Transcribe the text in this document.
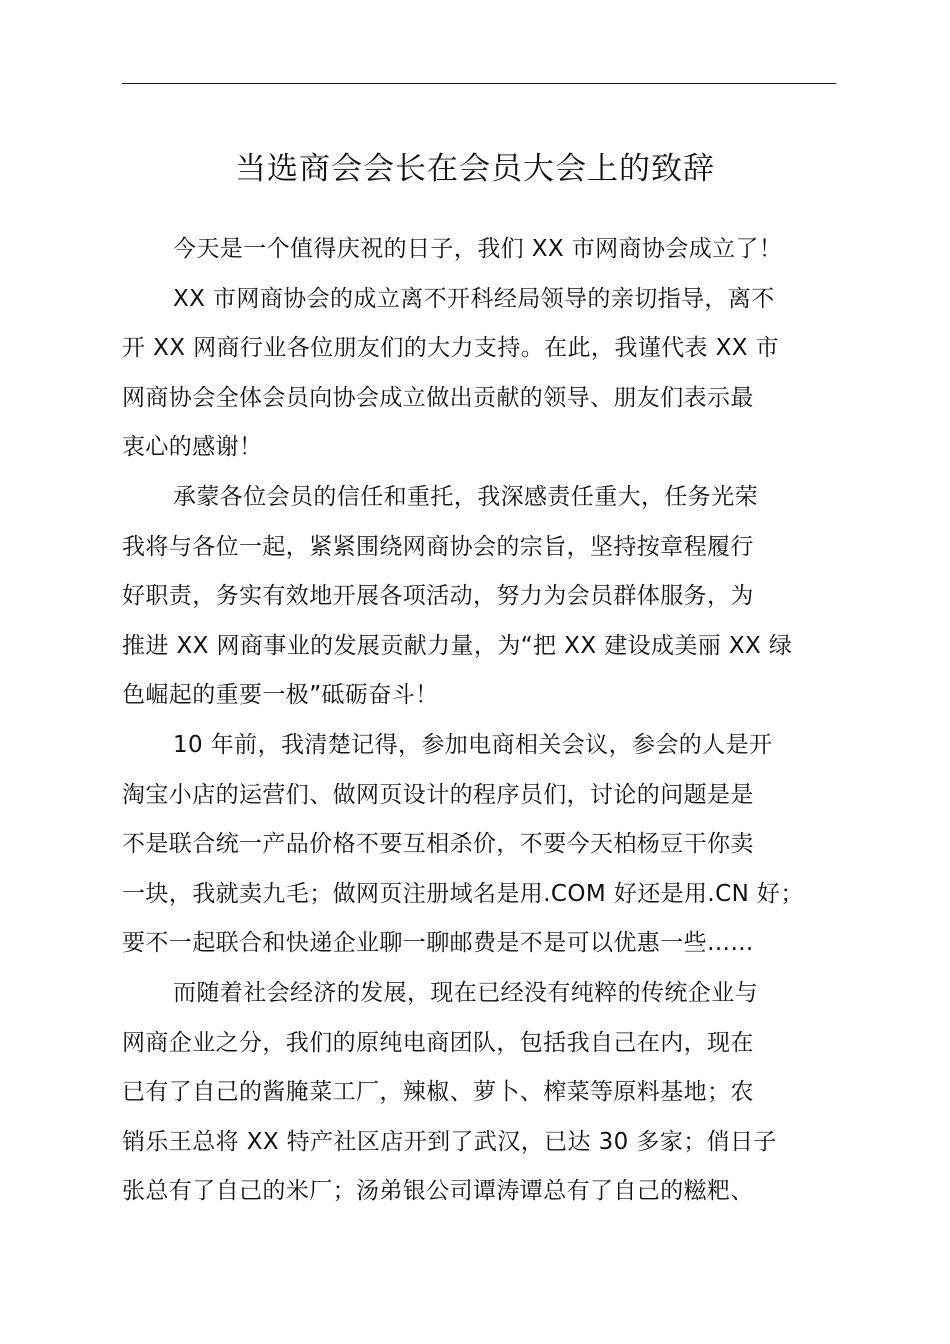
当选商会会长在会员大会上的致辞
今天是一个值得庆祝的日子，我们 XX 市网商协会成立了！
XX 市网商协会的成立离不开科经局领导的亲切指导，离不
开 XX 网商行业各位朋友们的大力支持。在此，我谨代表 XX 市
网商协会全体会员向协会成立做出贡献的领导、朋友们表示最
衷心的感谢！
承蒙各位会员的信任和重托，我深感责任重大，任务光荣
我将与各位一起，紧紧围绕网商协会的宗旨，坚持按章程履行
好职责，务实有效地开展各项活动，努力为会员群体服务，为
推进 XX 网商事业的发展贡献力量，为“把 XX 建设成美丽 XX 绿
色崛起的重要一极”砥砺奋斗！
10 年前，我清楚记得，参加电商相关会议，参会的人是开
淘宝小店的运营们、做网页设计的程序员们，讨论的问题是是
不是联合统一产品价格不要互相杀价，不要今天柏杨豆干你卖
一块，我就卖九毛；做网页注册域名是用.COM 好还是用.CN 好；
要不一起联合和快递企业聊一聊邮费是不是可以优惠一些……
而随着社会经济的发展，现在已经没有纯粹的传统企业与
网商企业之分，我们的原纯电商团队，包括我自己在内，现在
已有了自己的酱腌菜工厂，辣椒、萝卜、榨菜等原料基地；农
销乐王总将 XX 特产社区店开到了武汉，已达 30 多家；俏日子
张总有了自己的米厂；汤弟银公司谭涛谭总有了自己的糍粑、
